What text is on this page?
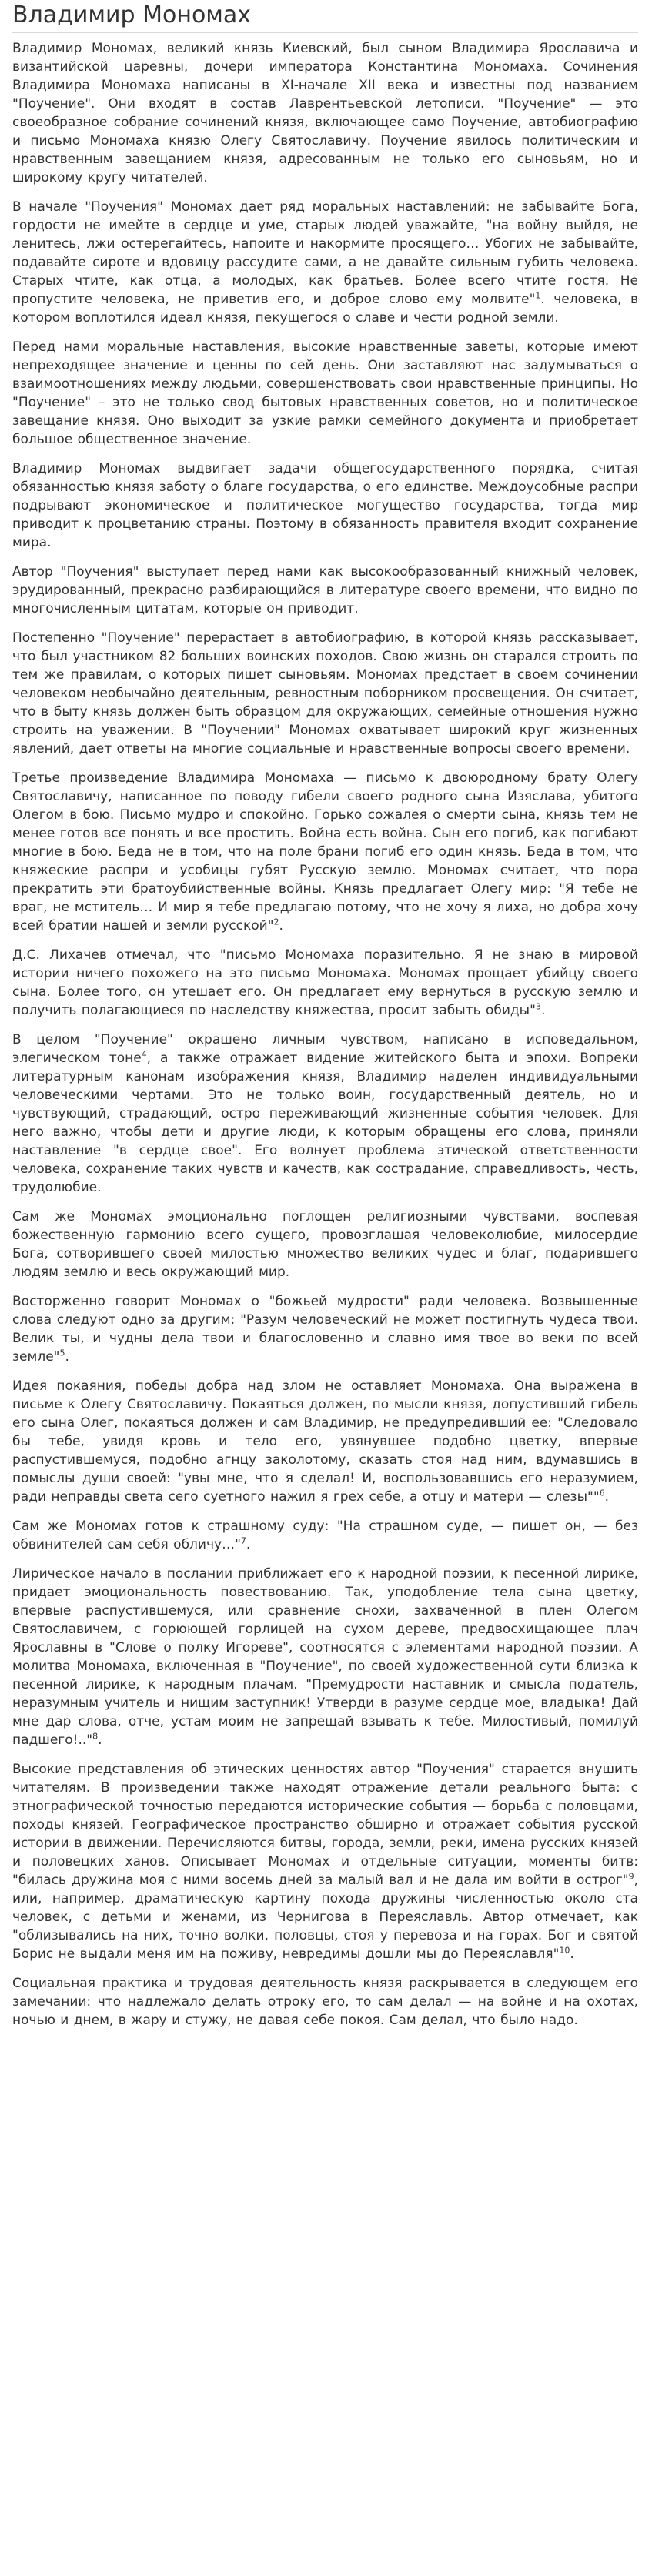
Владимир Мономах

Владимир Мономах, великий князь Киевский, был сыном Владимира Ярославича и византийской царевны, дочери императора Константина Мономаха. Сочинения Владимира Мономаха написаны в XI-начале XII века и известны под названием "Поучение". Они входят в состав Лаврентьевской летописи. "Поучение" — это своеобразное собрание сочинений князя, включающее само Поучение, автобиографию и письмо Мономаха князю Олегу Святославичу. Поучение явилось политическим и нравственным завещанием князя, адресованным не только его сыновьям, но и широкому кругу читателей.

В начале "Поучения" Мономах дает ряд моральных наставлений: не забывайте Бога, гордости не имейте в сердце и уме, старых людей уважайте, "на войну выйдя, не ленитесь, лжи остерегайтесь, напоите и накормите просящего… Убогих не забывайте, подавайте сироте и вдовицу рассудите сами, а не давайте сильным губить человека. Старых чтите, как отца, а молодых, как братьев. Более всего чтите гостя. Не пропустите человека, не приветив его, и доброе слово ему молвите"$^1$. человека, в котором воплотился идеал князя, пекущегося о славе и чести родной земли.

Перед нами моральные наставления, высокие нравственные заветы, которые имеют непреходящее значение и ценны по сей день. Они заставляют нас задумываться о взаимоотношениях между людьми, совершенствовать свои нравственные принципы. Но "Поучение" – это не только свод бытовых нравственных советов, но и политическое завещание князя. Оно выходит за узкие рамки семейного документа и приобретает большое общественное значение.

Владимир Мономах выдвигает задачи общегосударственного порядка, считая обязанностью князя заботу о благе государства, о его единстве. Междоусобные распри подрывают экономическое и политическое могущество государства, тогда мир приводит к процветанию страны. Поэтому в обязанность правителя входит сохранение мира.

Автор "Поучения" выступает перед нами как высокообразованный книжный человек, эрудированный, прекрасно разбирающийся в литературе своего времени, что видно по многочисленным цитатам, которые он приводит.

Постепенно "Поучение" перерастает в автобиографию, в которой князь рассказывает, что был участником 82 больших воинских походов. Свою жизнь он старался строить по тем же правилам, о которых пишет сыновьям. Мономах предстает в своем сочинении человеком необычайно деятельным, ревностным поборником просвещения. Он считает, что в быту князь должен быть образцом для окружающих, семейные отношения нужно строить на уважении. В "Поучении" Мономах охватывает широкий круг жизненных явлений, дает ответы на многие социальные и нравственные вопросы своего времени.

Третье произведение Владимира Мономаха — письмо к двоюродному брату Олегу Святославичу, написанное по поводу гибели своего родного сына Изяслава, убитого Олегом в бою. Письмо мудро и спокойно. Горько сожалея о смерти сына, князь тем не менее готов все понять и все простить. Война есть война. Сын его погиб, как погибают многие в бою. Беда не в том, что на поле брани погиб его один князь. Беда в том, что княжеские распри и усобицы губят Русскую землю. Мономах считает, что пора прекратить эти братоубийственные войны. Князь предлагает Олегу мир: "Я тебе не враг, не мститель… И мир я тебе предлагаю потому, что не хочу я лиха, но добра хочу всей братии нашей и земли русской"$^2$.

Д.С. Лихачев отмечал, что "письмо Мономаха поразительно. Я не знаю в мировой истории ничего похожего на это письмо Мономаха. Мономах прощает убийцу своего сына. Более того, он утешает его. Он предлагает ему вернуться в русскую землю и получить полагающиеся по наследству княжества, просит забыть обиды"$^3$.

В целом "Поучение" окрашено личным чувством, написано в исповедальном, элегическом тоне$^4$, а также отражает видение житейского быта и эпохи. Вопреки литературным канонам изображения князя, Владимир наделен индивидуальными человеческими чертами. Это не только воин, государственный деятель, но и чувствующий, страдающий, остро переживающий жизненные события человек. Для него важно, чтобы дети и другие люди, к которым обращены его слова, приняли наставление "в сердце свое". Его волнует проблема этической ответственности человека, сохранение таких чувств и качеств, как сострадание, справедливость, честь, трудолюбие.

Сам же Мономах эмоционально поглощен религиозными чувствами, воспевая божественную гармонию всего сущего, провозглашая человеколюбие, милосердие Бога, сотворившего своей милостью множество великих чудес и благ, подарившего людям землю и весь окружающий мир.

Восторженно говорит Мономах о "божьей мудрости" ради человека. Возвышенные слова следуют одно за другим: "Разум человеческий не может постигнуть чудеса твои. Велик ты, и чудны дела твои и благословенно и славно имя твое во веки по всей земле"$^5$.

Идея покаяния, победы добра над злом не оставляет Мономаха. Она выражена в письме к Олегу Святославичу. Покаяться должен, по мысли князя, допустивший гибель его сына Олег, покаяться должен и сам Владимир, не предупредивший ее: "Следовало бы тебе, увидя кровь и тело его, увянувшее подобно цветку, впервые распустившемуся, подобно агнцу заколотому, сказать стоя над ним, вдумавшись в помыслы души своей: "увы мне, что я сделал! И, воспользовавшись его неразумием, ради неправды света сего суетного нажил я грех себе, а отцу и матери — слезы""$^6$.

Сам же Мономах готов к страшному суду: "На страшном суде, — пишет он, — без обвинителей сам себя обличу…"$^7$.

Лирическое начало в послании приближает его к народной поэзии, к песенной лирике, придает эмоциональность повествованию. Так, уподобление тела сына цветку, впервые распустившемуся, или сравнение снохи, захваченной в плен Олегом Святославичем, с горюющей горлицей на сухом дереве, предвосхищающее плач Ярославны в "Слове о полку Игореве", соотносятся с элементами народной поэзии. А молитва Мономаха, включенная в "Поучение", по своей художественной сути близка к песенной лирике, к народным плачам. "Премудрости наставник и смысла податель, неразумным учитель и нищим заступник! Утверди в разуме сердце мое, владыка! Дай мне дар слова, отче, устам моим не запрещай взывать к тебе. Милостивый, помилуй падшего!.."$^8$.

Высокие представления об этических ценностях автор "Поучения" старается внушить читателям. В произведении также находят отражение детали реального быта: с этнографической точностью передаются исторические события — борьба с половцами, походы князей. Географическое пространство обширно и отражает события русской истории в движении. Перечисляются битвы, города, земли, реки, имена русских князей и половецких ханов. Описывает Мономах и отдельные ситуации, моменты битв: "билась дружина моя с ними восемь дней за малый вал и не дала им войти в острог"$^9$, или, например, драматическую картину похода дружины численностью около ста человек, с детьми и женами, из Чернигова в Переяславль. Автор отмечает, как "облизывались на них, точно волки, половцы, стоя у перевоза и на горах. Бог и святой Борис не выдали меня им на поживу, невредимы дошли мы до Переяславля"$^{10}$.

Социальная практика и трудовая деятельность князя раскрывается в следующем его замечании: что надлежало делать отроку его, то сам делал — на войне и на охотах, ночью и днем, в жару и стужу, не давая себе покоя. Сам делал, что было надо.
